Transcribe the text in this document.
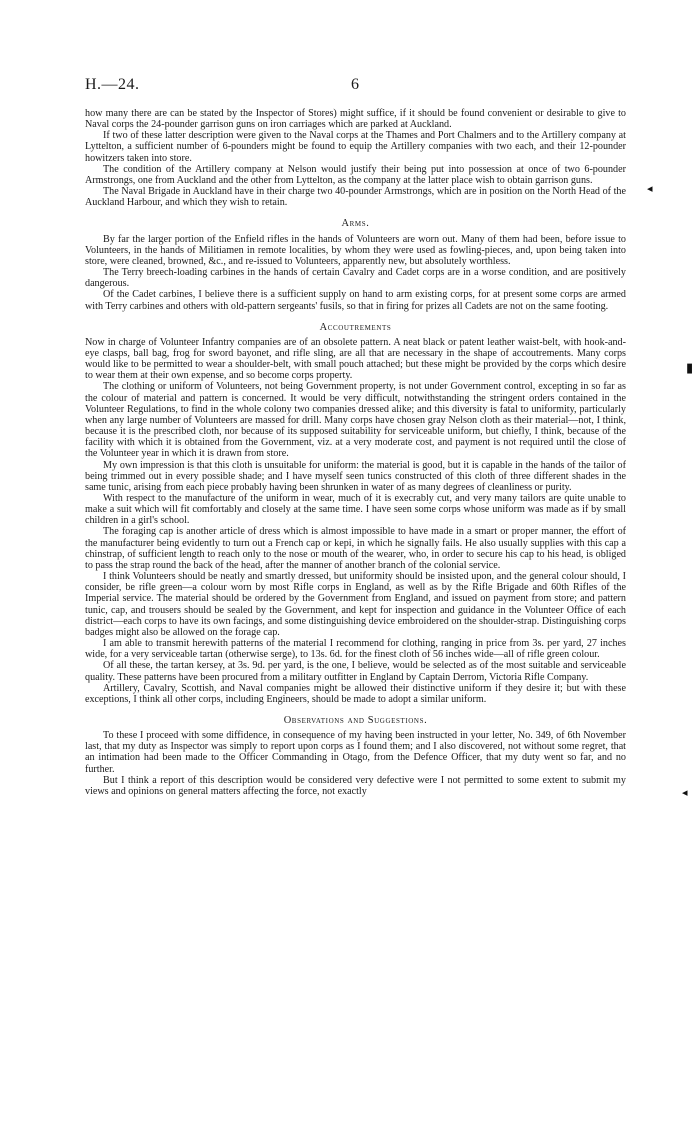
H.—24.	6

how many there are can be stated by the Inspector of Stores) might suffice, if it should be found convenient or desirable to give to Naval corps the 24-pounder garrison guns on iron carriages which are parked at Auckland.

If two of these latter description were given to the Naval corps at the Thames and Port Chalmers and to the Artillery company at Lyttelton, a sufficient number of 6-pounders might be found to equip the Artillery companies with two each, and their 12-pounder howitzers taken into store.

The condition of the Artillery company at Nelson would justify their being put into possession at once of two 6-pounder Armstrongs, one from Auckland and the other from Lyttelton, as the company at the latter place wish to obtain garrison guns.

The Naval Brigade in Auckland have in their charge two 40-pounder Armstrongs, which are in position on the North Head of the Auckland Harbour, and which they wish to retain.

Arms.

By far the larger portion of the Enfield rifles in the hands of Volunteers are worn out. Many of them had been, before issue to Volunteers, in the hands of Militiamen in remote localities, by whom they were used as fowling-pieces, and, upon being taken into store, were cleaned, browned, &c., and re-issued to Volunteers, apparently new, but absolutely worthless.

The Terry breech-loading carbines in the hands of certain Cavalry and Cadet corps are in a worse condition, and are positively dangerous.

Of the Cadet carbines, I believe there is a sufficient supply on hand to arm existing corps, for at present some corps are armed with Terry carbines and others with old-pattern sergeants' fusils, so that in firing for prizes all Cadets are not on the same footing.

Accoutrements

Now in charge of Volunteer Infantry companies are of an obsolete pattern. A neat black or patent leather waist-belt, with hook-and-eye clasps, ball bag, frog for sword bayonet, and rifle sling, are all that are necessary in the shape of accoutrements. Many corps would like to be permitted to wear a shoulder-belt, with small pouch attached; but these might be provided by the corps which desire to wear them at their own expense, and so become corps property.

The clothing or uniform of Volunteers, not being Government property, is not under Government control, excepting in so far as the colour of material and pattern is concerned. It would be very difficult, notwithstanding the stringent orders contained in the Volunteer Regulations, to find in the whole colony two companies dressed alike; and this diversity is fatal to uniformity, particularly when any large number of Volunteers are massed for drill. Many corps have chosen gray Nelson cloth as their material—not, I think, because it is the prescribed cloth, nor because of its supposed suitability for serviceable uniform, but chiefly, I think, because of the facility with which it is obtained from the Government, viz. at a very moderate cost, and payment is not required until the close of the Volunteer year in which it is drawn from store.

My own impression is that this cloth is unsuitable for uniform: the material is good, but it is capable in the hands of the tailor of being trimmed out in every possible shade; and I have myself seen tunics constructed of this cloth of three different shades in the same tunic, arising from each piece probably having been shrunken in water of as many degrees of cleanliness or purity.

With respect to the manufacture of the uniform in wear, much of it is execrably cut, and very many tailors are quite unable to make a suit which will fit comfortably and closely at the same time. I have seen some corps whose uniform was made as if by small children in a girl's school.

The foraging cap is another article of dress which is almost impossible to have made in a smart or proper manner, the effort of the manufacturer being evidently to turn out a French cap or kepi, in which he signally fails. He also usually supplies with this cap a chinstrap, of sufficient length to reach only to the nose or mouth of the wearer, who, in order to secure his cap to his head, is obliged to pass the strap round the back of the head, after the manner of another branch of the colonial service.

I think Volunteers should be neatly and smartly dressed, but uniformity should be insisted upon, and the general colour should, I consider, be rifle green—a colour worn by most Rifle corps in England, as well as by the Rifle Brigade and 60th Rifles of the Imperial service. The material should be ordered by the Government from England, and issued on payment from store; and pattern tunic, cap, and trousers should be sealed by the Government, and kept for inspection and guidance in the Volunteer Office of each district—each corps to have its own facings, and some distinguishing device embroidered on the shoulder-strap. Distinguishing corps badges might also be allowed on the forage cap.

I am able to transmit herewith patterns of the material I recommend for clothing, ranging in price from 3s. per yard, 27 inches wide, for a very serviceable tartan (otherwise serge), to 13s. 6d. for the finest cloth of 56 inches wide—all of rifle green colour.

Of all these, the tartan kersey, at 3s. 9d. per yard, is the one, I believe, would be selected as of the most suitable and serviceable quality. These patterns have been procured from a military outfitter in England by Captain Derrom, Victoria Rifle Company.

Artillery, Cavalry, Scottish, and Naval companies might be allowed their distinctive uniform if they desire it; but with these exceptions, I think all other corps, including Engineers, should be made to adopt a similar uniform.

Observations and Suggestions.

To these I proceed with some diffidence, in consequence of my having been instructed in your letter, No. 349, of 6th November last, that my duty as Inspector was simply to report upon corps as I found them; and I also discovered, not without some regret, that an intimation had been made to the Officer Commanding in Otago, from the Defence Officer, that my duty went so far, and no further.

But I think a report of this description would be considered very defective were I not permitted to some extent to submit my views and opinions on general matters affecting the force, not exactly

◂
▮
◂
